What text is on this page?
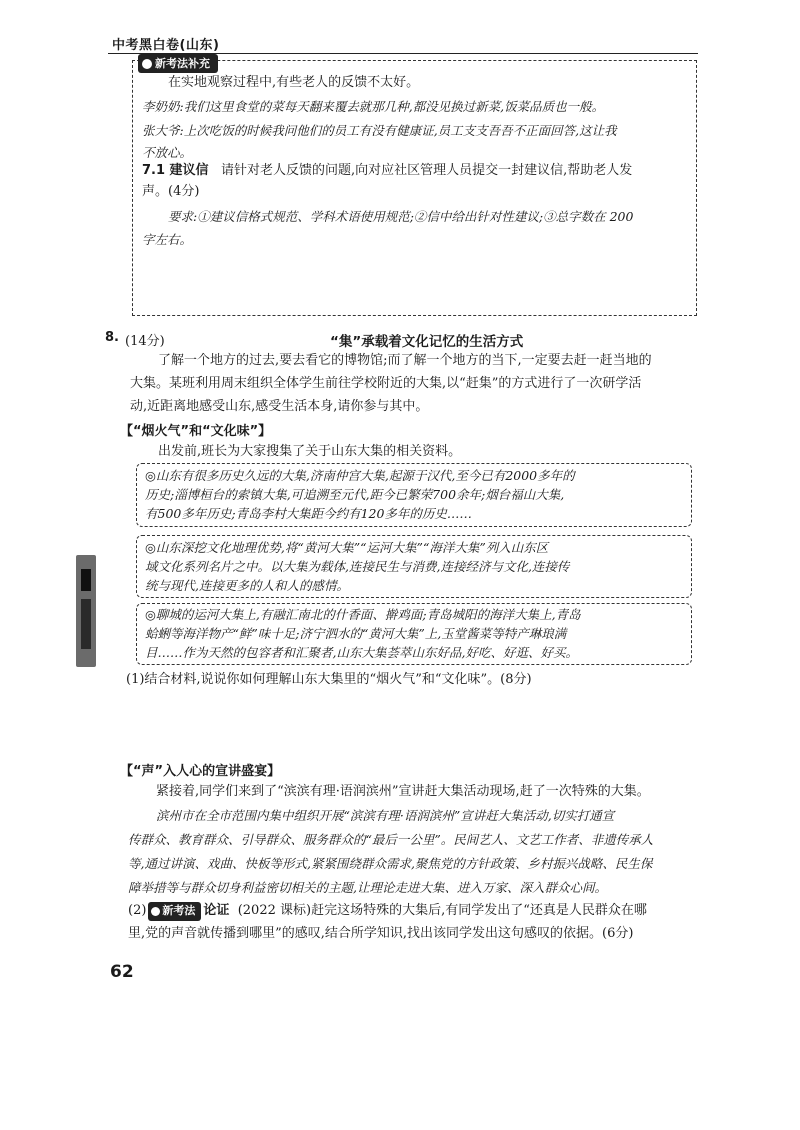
中考黑白卷(山东)
新考法补充
在实地观察过程中,有些老人的反馈不太好。
李奶奶:我们这里食堂的菜每天翻来覆去就那几种,都没见换过新菜,饭菜品质也一般。
张大爷:上次吃饭的时候我问他们的员工有没有健康证,员工支支吾吾不正面回答,这让我
不放心。
7.1 建议信 请针对老人反馈的问题,向对应社区管理人员提交一封建议信,帮助老人发
声。(4分)
要求:①建议信格式规范、学科术语使用规范;②信中给出针对性建议;③总字数在 200
字左右。
8. (14分)	“集”承载着文化记忆的生活方式
了解一个地方的过去,要去看它的博物馆;而了解一个地方的当下,一定要去赶一赶当地的
大集。某班利用周末组织全体学生前往学校附近的大集,以“赶集”的方式进行了一次研学活
动,近距离地感受山东,感受生活本身,请你参与其中。
【“烟火气”和“文化味”】
出发前,班长为大家搜集了关于山东大集的相关资料。
◎山东有很多历史久远的大集,济南仲宫大集,起源于汉代,至今已有2000多年的
历史;淄博桓台的索镇大集,可追溯至元代,距今已繁荣700余年;烟台福山大集,
有500多年历史;青岛李村大集距今约有120多年的历史……
◎山东深挖文化地理优势,将“黄河大集”“运河大集”“海洋大集”列入山东区
域文化系列名片之中。以大集为载体,连接民生与消费,连接经济与文化,连接传
统与现代,连接更多的人和人的感情。
◎聊城的运河大集上,有融汇南北的什香面、擀鸡面;青岛城阳的海洋大集上,青岛
蛤蜊等海洋物产“鲜”味十足;济宁泗水的“黄河大集”上,玉堂酱菜等特产琳琅满
目……作为天然的包容者和汇聚者,山东大集荟萃山东好品,好吃、好逛、好买。
(1)结合材料,说说你如何理解山东大集里的“烟火气”和“文化味”。(8分)
【“声”入人心的宣讲盛宴】
紧接着,同学们来到了“滨滨有理·语润滨州”宣讲赶大集活动现场,赶了一次特殊的大集。
滨州市在全市范围内集中组织开展“滨滨有理·语润滨州”宣讲赶大集活动,切实打通宣
传群众、教育群众、引导群众、服务群众的“最后一公里”。民间艺人、文艺工作者、非遗传承人
等,通过讲演、戏曲、快板等形式,紧紧围绕群众需求,聚焦党的方针政策、乡村振兴战略、民生保
障举措等与群众切身利益密切相关的主题,让理论走进大集、进入万家、深入群众心间。
(2) 新考法 论证 (2022 课标)赶完这场特殊的大集后,有同学发出了“还真是人民群众在哪
里,党的声音就传播到哪里”的感叹,结合所学知识,找出该同学发出这句感叹的依据。(6分)
62
